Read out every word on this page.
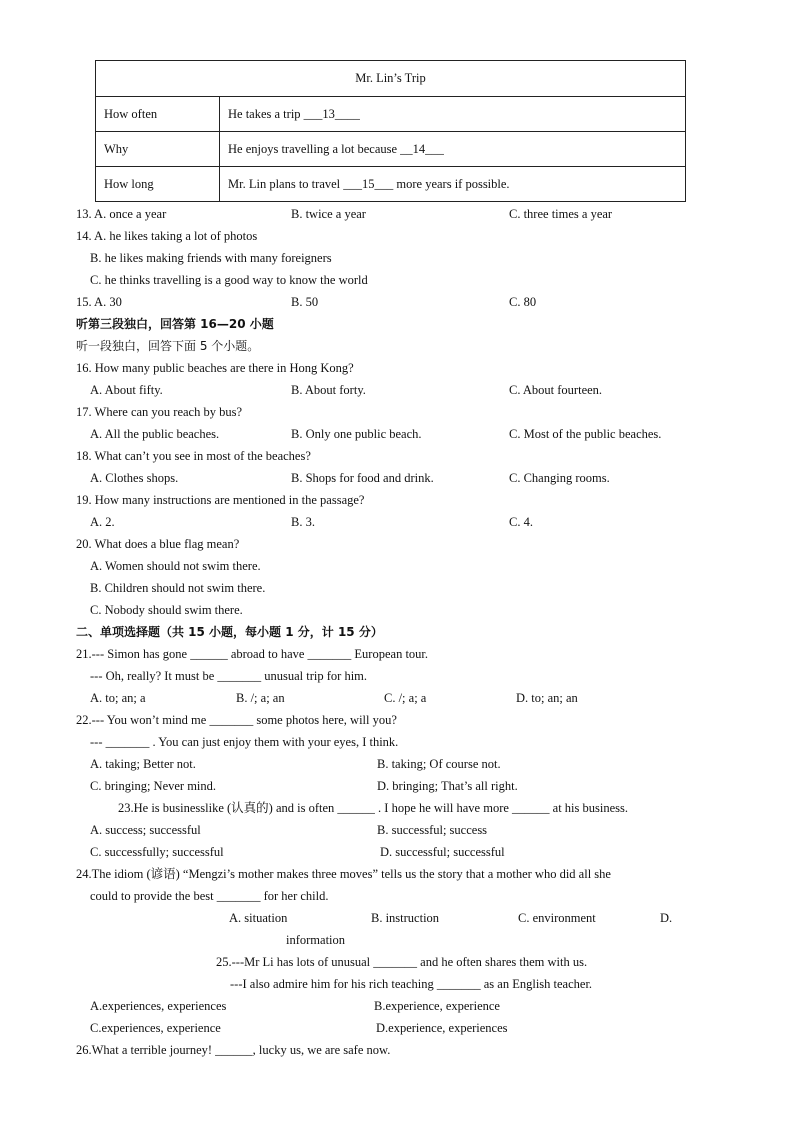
Mr. Lin’s Trip	
How often	He takes a trip ___13____
Why	He enjoys travelling a lot because __14___
How long	Mr. Lin plans to travel ___15___ more years if possible.
13. A. once a year	B. twice a year	C. three times a year
14. A. he likes taking a lot of photos
B. he likes making friends with many foreigners
C. he thinks travelling is a good way to know the world
15. A. 30	B. 50	C. 80
听第三段独白，回答第 16—20 小题
听一段独白，回答下面 5 个小题。
16. How many public beaches are there in Hong Kong?
A. About fifty.	B. About forty.	C. About fourteen.
17. Where can you reach by bus?
A. All the public beaches.	B. Only one public beach.	C. Most of the public beaches.
18. What can’t you see in most of the beaches?
A. Clothes shops.	B. Shops for food and drink.	C. Changing rooms.
19. How many instructions are mentioned in the passage?
A. 2.	B. 3.	C. 4.
20. What does a blue flag mean?
A. Women should not swim there.
B. Children should not swim there.
C. Nobody should swim there.
二、单项选择题（共 15 小题，每小题 1 分，计 15 分）
21.--- Simon has gone ______ abroad to have _______ European tour.
--- Oh, really? It must be _______ unusual trip for him.
A. to; an; a	B. /; a; an	C. /; a; a	D. to; an; an
22.--- You won’t mind me _______ some photos here, will you?
--- _______ . You can just enjoy them with your eyes, I think.
A. taking; Better not.	B. taking; Of course not.
C. bringing; Never mind.	D. bringing; That’s all right.
23.He is businesslike (认真的) and is often ______ . I hope he will have more ______ at his business.
A. success; successful	B. successful; success
C. successfully; successful	D. successful; successful
24.The idiom (谚语) “Mengzi’s mother makes three moves” tells us the story that a mother who did all she
could to provide the best _______ for her child.
A. situation	B. instruction	C. environment	D.
information
25.---Mr Li has lots of unusual _______ and he often shares them with us.
---I also admire him for his rich teaching _______ as an English teacher.
A.experiences, experiences	B.experience, experience
C.experiences, experience	D.experience, experiences
26.What a terrible journey! ______, lucky us, we are safe now.
